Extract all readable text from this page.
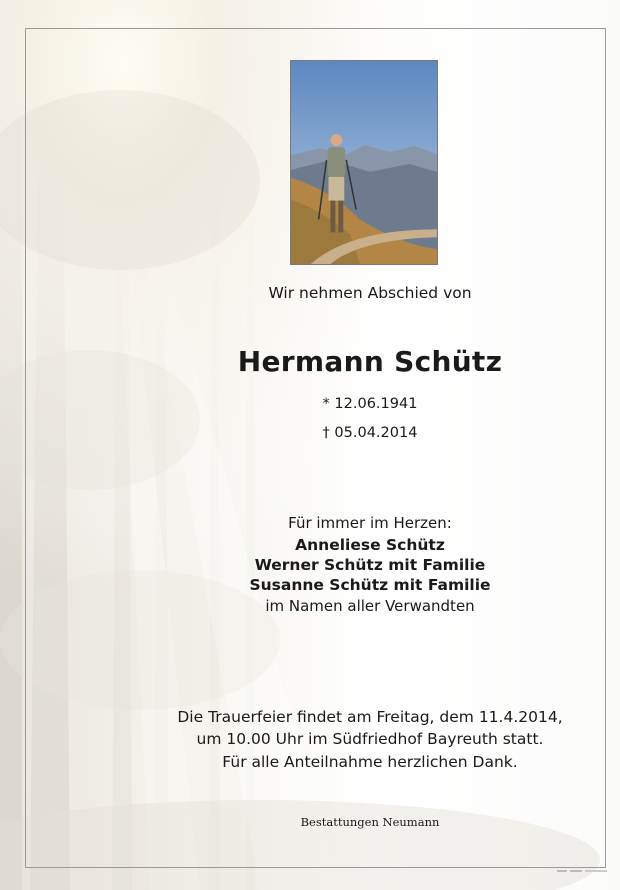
Wir nehmen Abschied von
Hermann Schütz
* 12.06.1941
† 05.04.2014
Für immer im Herzen:
Anneliese Schütz
Werner Schütz mit Familie
Susanne Schütz mit Familie
im Namen aller Verwandten
Die Trauerfeier findet am Freitag, dem 11.4.2014,
um 10.00 Uhr im Südfriedhof Bayreuth statt.
Für alle Anteilnahme herzlichen Dank.
Bestattungen Neumann
